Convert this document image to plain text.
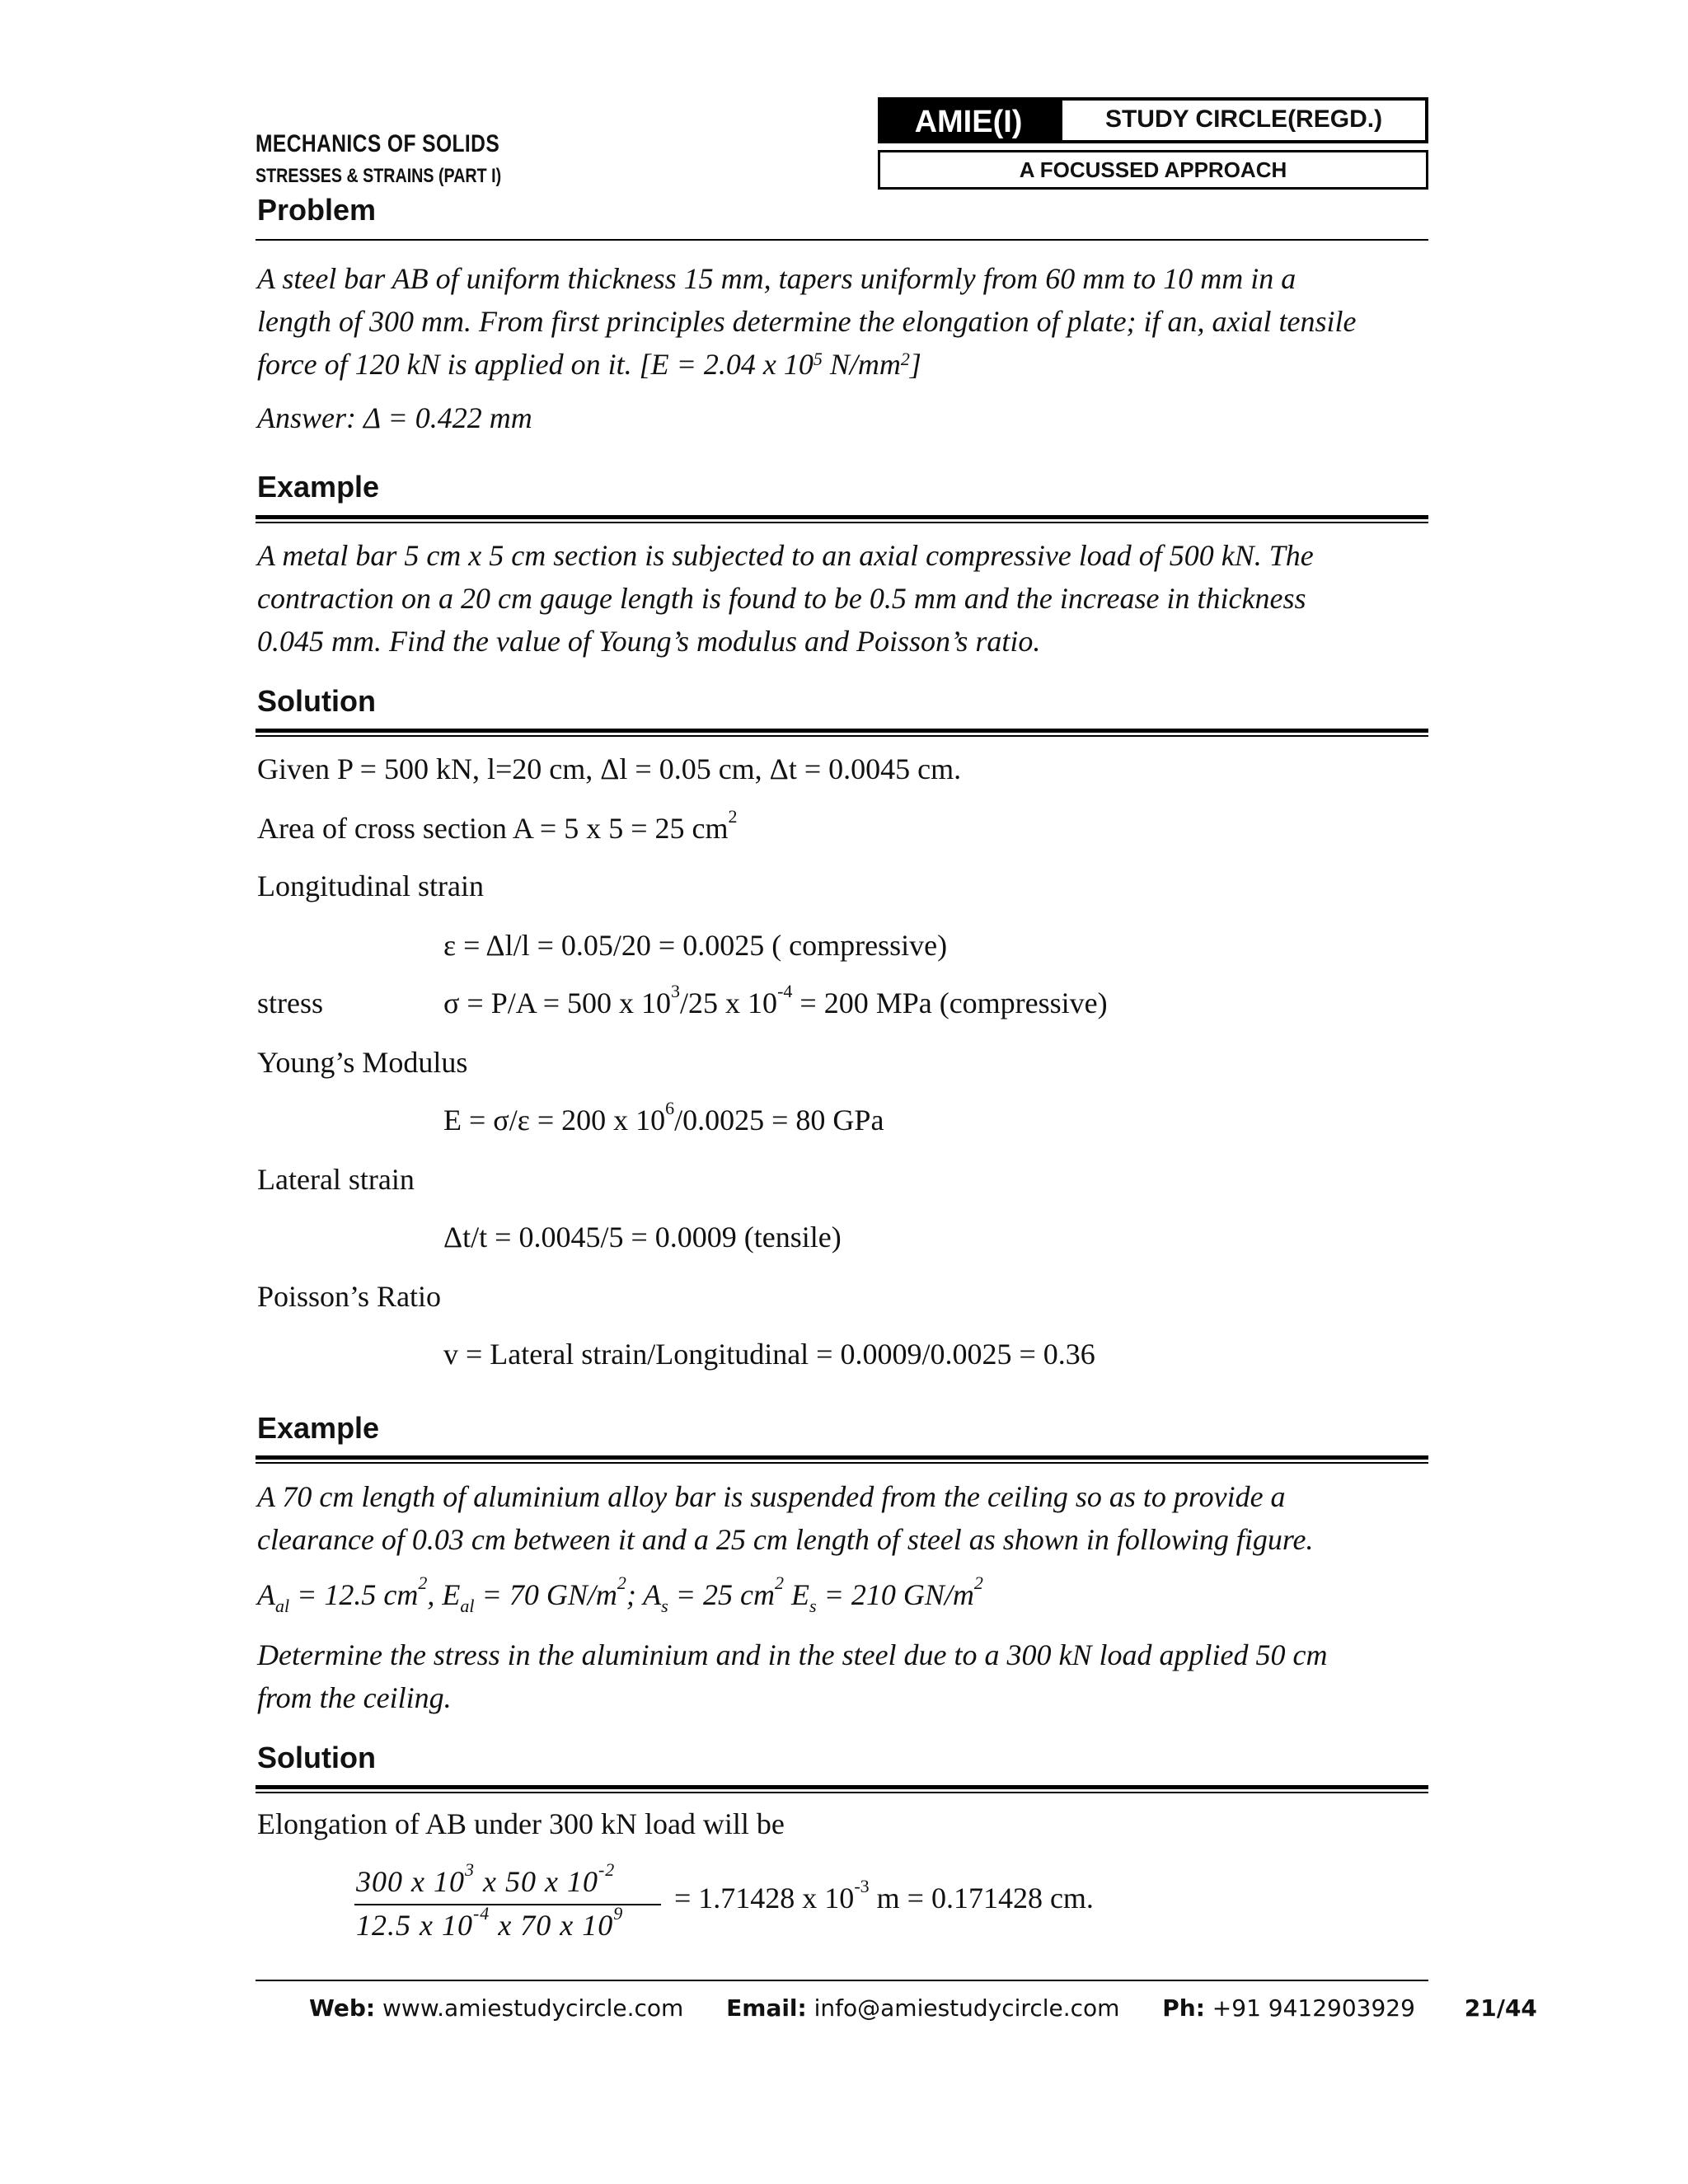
MECHANICS OF SOLIDS
STRESSES & STRAINS (PART I)
AMIE(I)	STUDY CIRCLE(REGD.)
A FOCUSSED APPROACH
Problem
A steel bar AB of uniform thickness 15 mm, tapers uniformly from 60 mm to 10 mm in a
length of 300 mm. From first principles determine the elongation of plate; if an, axial tensile
force of 120 kN is applied on it. [E = 2.04 x $10^5$ $N/mm^2$]
Answer: Δ = 0.422 mm
Example
A metal bar 5 cm x 5 cm section is subjected to an axial compressive load of 500 kN. The
contraction on a 20 cm gauge length is found to be 0.5 mm and the increase in thickness
0.045 mm. Find the value of Young’s modulus and Poisson’s ratio.
Solution
Given P = 500 kN, l=20 cm, Δl = 0.05 cm, Δt = 0.0045 cm.
Area of cross section A = 5 x 5 = 25 $cm^2$
Longitudinal strain
ε = Δl/l = 0.05/20 = 0.0025 ( compressive)
stress	σ = P/A = 500 x $10^3/25$ x $10^{-4} = 200$ MPa (compressive)
Young’s Modulus
E = σ/ε = 200 x $10^6/0.0025 = 80$ GPa
Lateral strain
Δt/t = 0.0045/5 = 0.0009 (tensile)
Poisson’s Ratio
v = Lateral strain/Longitudinal = 0.0009/0.0025 = 0.36
Example
A 70 cm length of aluminium alloy bar is suspended from the ceiling so as to provide a
clearance of 0.03 cm between it and a 25 cm length of steel as shown in following figure.
$A_{al} = 12.5$ $cm^2$, $E_{al} = 70$ $GN/m^2$; $A_s = 25$ $cm^2$ $E_s = 210$ $GN/m^2$
Determine the stress in the aluminium and in the steel due to a 300 kN load applied 50 cm
from the ceiling.
Solution
Elongation of AB under 300 kN load will be
300 x $10^3$ x 50 x $10^{-2}$
12.5 x $10^{-4}$ x 70 x $10^9 = 1.71428$ x $10^{-3}$ m = 0.171428 cm.
Web: www.amiestudycircle.com Email: info@amiestudycircle.com Ph: +91 9412903929 21/44
